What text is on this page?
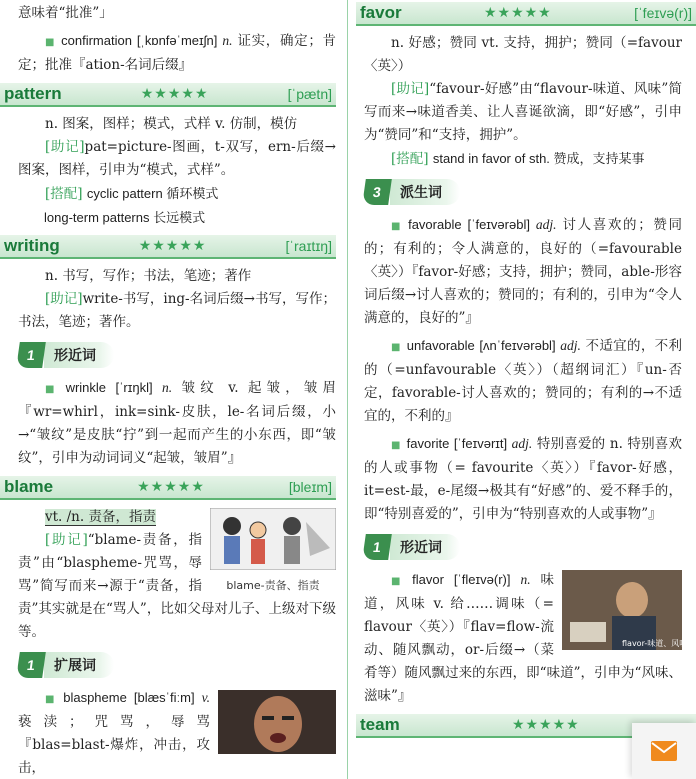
意味着“批准”」

■ confirmation [ˌkɒnfəˈmeɪʃn] n. 证实，确定；肯定；批准『ation-名词后缀』

pattern	★★★★★	[ˈpætn]

n. 图案，图样；模式，式样 v. 仿制，模仿

[助记]pat=picture-图画，t-双写，ern-后缀→图案，图样，引申为“模式，式样”。

[搭配] cyclic pattern 循环模式

long-term patterns 长远模式

writing	★★★★★	[ˈraɪtɪŋ]

n. 书写，写作；书法，笔迹；著作

[助记]write-书写，ing-名词后缀→书写，写作；书法，笔迹；著作。

1	形近词

■ wrinkle [ˈrɪŋkl] n. 皱纹 v. 起皱，皱眉『wr=whirl，ink=sink-皮肤，le-名词后缀，小→“皱纹”是皮肤“拧”到一起而产生的小东西，即“皱纹”，引申为动词词义“起皱，皱眉”』

blame	★★★★★	[bleɪm]
blame-责备、指责

vt. /n. 责备，指责

[助记]“blame-责备，指责”由“blaspheme-咒骂，辱骂”简写而来→源于“责备，指责”其实就是在“骂人”，比如父母对儿子、上级对下级等。

1	扩展词

■ blaspheme [blæsˈfiːm] v. 亵渎；咒骂，辱骂『blas=blast-爆炸，冲击，攻击，

favor	★★★★★	[ˈfeɪvə(r)]

n. 好感；赞同 vt. 支持，拥护；赞同（=favour〈英〉）

[助记]“favour-好感”由“flavour-味道、风味”简写而来→味道香美、让人喜诞欲滴，即“好感”，引申为“赞同”和“支持，拥护”。

[搭配] stand in favor of sth. 赞成，支持某事

3	派生词

■ favorable [ˈfeɪvərəbl] adj. 讨人喜欢的；赞同的；有利的；令人满意的，良好的（=favourable〈英〉）『favor-好感；支持，拥护；赞同，able-形容词后缀→讨人喜欢的；赞同的；有利的，引申为“令人满意的，良好的”』

■ unfavorable [ʌnˈfeɪvərəbl] adj. 不适宜的，不利的（=unfavourable〈英〉）（超纲词汇）『un-否定，favorable-讨人喜欢的；赞同的；有利的→不适宜的，不利的』

■ favorite [ˈfeɪvərɪt] adj. 特别喜爱的 n. 特别喜欢的人或事物（= favourite〈英〉）『favor-好感，it=est-最，e-尾缀→极其有“好感”的、爱不释手的，即“特别喜爱的”，引申为“特别喜欢的人或事物”』

1	形近词
flavor-味道、风味

■ flavor [ˈfleɪvə(r)] n. 味道，风味 v. 给……调味（= flavour〈英〉）『flav=flow-流动、随风飘动，or-后缀→（菜肴等）随风飘过来的东西，即“味道”，引申为“风味、滋味”』

team	★★★★★
